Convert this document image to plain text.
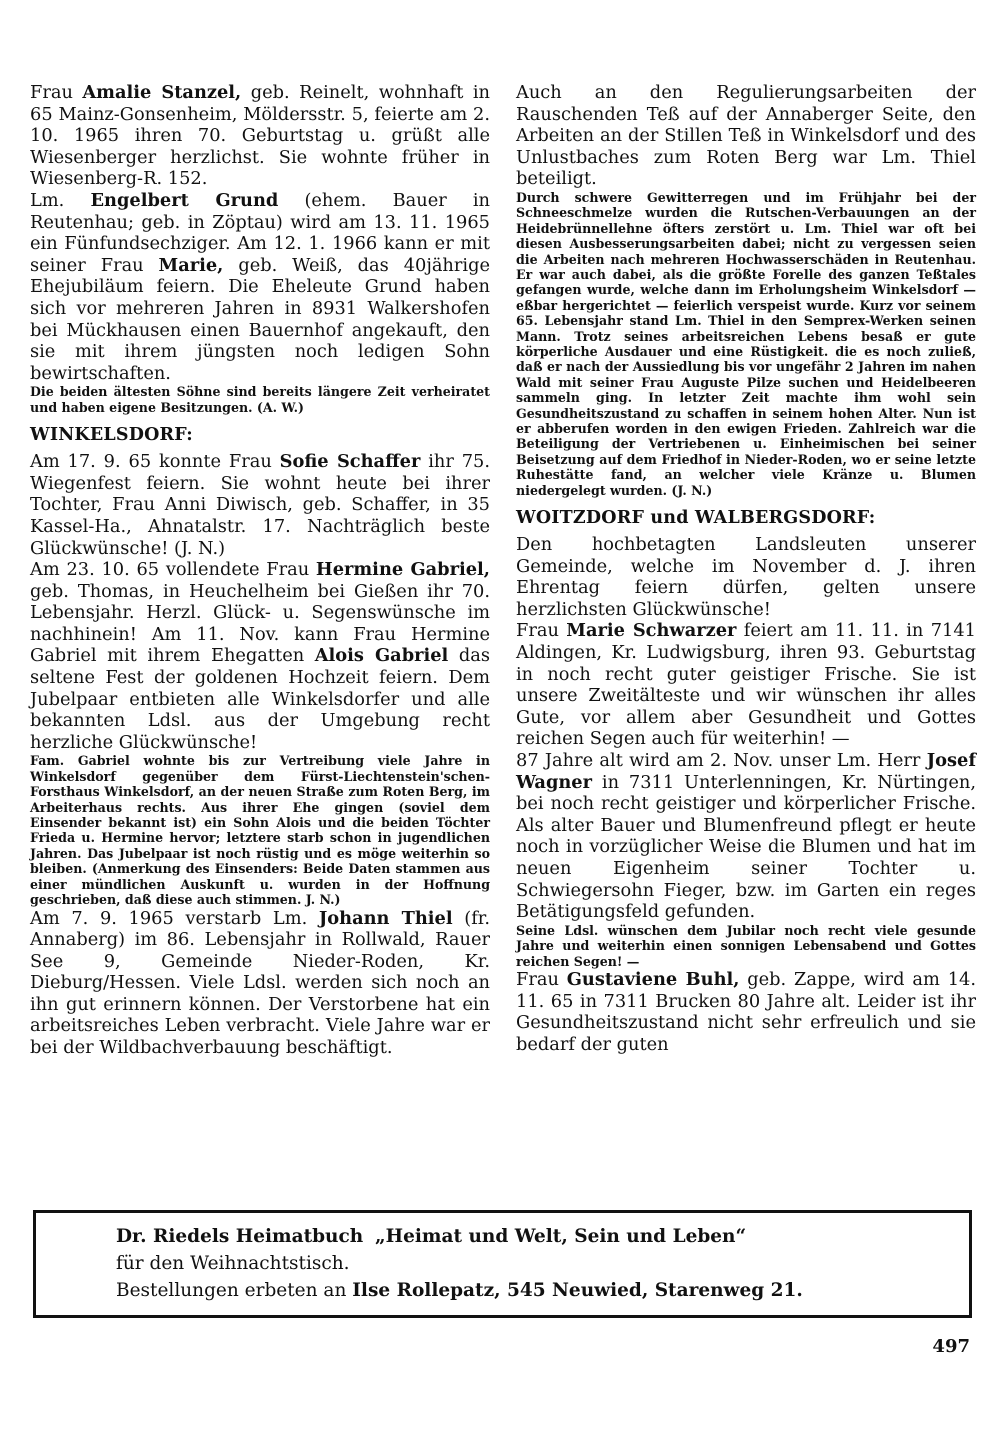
Frau Amalie Stanzel, geb. Reinelt, wohnhaft in 65 Mainz-Gonsenheim, Möldersstr. 5, feierte am 2. 10. 1965 ihren 70. Geburtstag u. grüßt alle Wiesenberger herzlichst. Sie wohnte früher in Wiesenberg-R. 152.

Lm. Engelbert Grund (ehem. Bauer in Reutenhau; geb. in Zöptau) wird am 13. 11. 1965 ein Fünfundsechziger. Am 12. 1. 1966 kann er mit seiner Frau Marie, geb. Weiß, das 40jährige Ehejubiläum feiern. Die Eheleute Grund haben sich vor mehreren Jahren in 8931 Walkershofen bei Mückhausen einen Bauernhof angekauft, den sie mit ihrem jüngsten noch ledigen Sohn bewirtschaften.

Die beiden ältesten Söhne sind bereits längere Zeit verheiratet und haben eigene Besitzungen. (A. W.)

WINKELSDORF:

Am 17. 9. 65 konnte Frau Sofie Schaffer ihr 75. Wiegenfest feiern. Sie wohnt heute bei ihrer Tochter, Frau Anni Diwisch, geb. Schaffer, in 35 Kassel-Ha., Ahnatalstr. 17. Nachträglich beste Glückwünsche! (J. N.)

Am 23. 10. 65 vollendete Frau Hermine Gabriel, geb. Thomas, in Heuchelheim bei Gießen ihr 70. Lebensjahr. Herzl. Glück- u. Segenswünsche im nachhinein! Am 11. Nov. kann Frau Hermine Gabriel mit ihrem Ehegatten Alois Gabriel das seltene Fest der goldenen Hochzeit feiern. Dem Jubelpaar entbieten alle Winkelsdorfer und alle bekannten Ldsl. aus der Umgebung recht herzliche Glückwünsche!

Fam. Gabriel wohnte bis zur Vertreibung viele Jahre in Winkelsdorf gegenüber dem Fürst-Liechtenstein'schen-Forsthaus Winkelsdorf, an der neuen Straße zum Roten Berg, im Arbeiterhaus rechts. Aus ihrer Ehe gingen (soviel dem Einsender bekannt ist) ein Sohn Alois und die beiden Töchter Frieda u. Hermine hervor; letztere starb schon in jugendlichen Jahren. Das Jubelpaar ist noch rüstig und es möge weiterhin so bleiben. (Anmerkung des Einsenders: Beide Daten stammen aus einer mündlichen Auskunft u. wurden in der Hoffnung geschrieben, daß diese auch stimmen. J. N.)

Am 7. 9. 1965 verstarb Lm. Johann Thiel (fr. Annaberg) im 86. Lebensjahr in Rollwald, Rauer See 9, Gemeinde Nieder-Roden, Kr. Dieburg/Hessen. Viele Ldsl. werden sich noch an ihn gut erinnern können. Der Verstorbene hat ein arbeitsreiches Leben verbracht. Viele Jahre war er bei der Wildbachverbauung beschäftigt.

Auch an den Regulierungsarbeiten der Rauschenden Teß auf der Annaberger Seite, den Arbeiten an der Stillen Teß in Winkelsdorf und des Unlustbaches zum Roten Berg war Lm. Thiel beteiligt.

Durch schwere Gewitterregen und im Frühjahr bei der Schneeschmelze wurden die Rutschen-Verbauungen an der Heidebrünnellehne öfters zerstört u. Lm. Thiel war oft bei diesen Ausbesserungsarbeiten dabei; nicht zu vergessen seien die Arbeiten nach mehreren Hochwasserschäden in Reutenhau. Er war auch dabei, als die größte Forelle des ganzen Teßtales gefangen wurde, welche dann im Erholungsheim Winkelsdorf — eßbar hergerichtet — feierlich verspeist wurde. Kurz vor seinem 65. Lebensjahr stand Lm. Thiel in den Semprex-Werken seinen Mann. Trotz seines arbeitsreichen Lebens besaß er gute körperliche Ausdauer und eine Rüstigkeit. die es noch zuließ, daß er nach der Aussiedlung bis vor ungefähr 2 Jahren im nahen Wald mit seiner Frau Auguste Pilze suchen und Heidelbeeren sammeln ging. In letzter Zeit machte ihm wohl sein Gesundheitszustand zu schaffen in seinem hohen Alter. Nun ist er abberufen worden in den ewigen Frieden. Zahlreich war die Beteiligung der Vertriebenen u. Einheimischen bei seiner Beisetzung auf dem Friedhof in Nieder-Roden, wo er seine letzte Ruhestätte fand, an welcher viele Kränze u. Blumen niedergelegt wurden. (J. N.)

WOITZDORF und WALBERGSDORF:

Den hochbetagten Landsleuten unserer Gemeinde, welche im November d. J. ihren Ehrentag feiern dürfen, gelten unsere herzlichsten Glückwünsche!

Frau Marie Schwarzer feiert am 11. 11. in 7141 Aldingen, Kr. Ludwigsburg, ihren 93. Geburtstag in noch recht guter geistiger Frische. Sie ist unsere Zweitälteste und wir wünschen ihr alles Gute, vor allem aber Gesundheit und Gottes reichen Segen auch für weiterhin! —

87 Jahre alt wird am 2. Nov. unser Lm. Herr Josef Wagner in 7311 Unterlenningen, Kr. Nürtingen, bei noch recht geistiger und körperlicher Frische. Als alter Bauer und Blumenfreund pflegt er heute noch in vorzüglicher Weise die Blumen und hat im neuen Eigenheim seiner Tochter u. Schwiegersohn Fieger, bzw. im Garten ein reges Betätigungsfeld gefunden.

Seine Ldsl. wünschen dem Jubilar noch recht viele gesunde Jahre und weiterhin einen sonnigen Lebensabend und Gottes reichen Segen! —

Frau Gustaviene Buhl, geb. Zappe, wird am 14. 11. 65 in 7311 Brucken 80 Jahre alt. Leider ist ihr Gesundheitszustand nicht sehr erfreulich und sie bedarf der guten

Dr. Riedels Heimatbuch „Heimat und Welt, Sein und Leben“
für den Weihnachtstisch.
Bestellungen erbeten an Ilse Rollepatz, 545 Neuwied, Starenweg 21.
497
